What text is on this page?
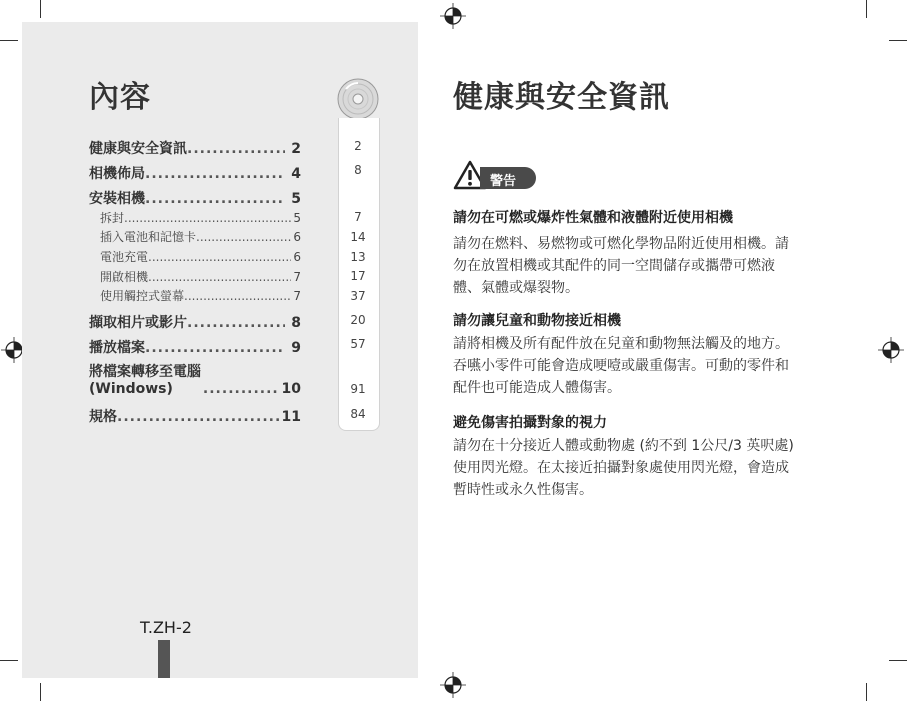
內容
健康與安全資訊 .....	2
相機佈局 .....	4
安裝相機 .....	5
拆封 .....	5
插入電池和記憶卡 .....	6
電池充電 .....	6
開啟相機 .....	7
使用觸控式螢幕 .....	7
擷取相片或影片 .....	8
播放檔案 .....	9
將檔案轉移至電腦
(Windows) .....	10
規格 .....	11
2
8
7
14
13
17
37
20
57
91
84
T.ZH-2
健康與安全資訊
警告
請勿在可燃或爆炸性氣體和液體附近使用相機
請勿在燃料、易燃物或可燃化學物品附近使用相機。請
勿在放置相機或其配件的同一空間儲存或攜帶可燃液
體、氣體或爆裂物。
請勿讓兒童和動物接近相機
請將相機及所有配件放在兒童和動物無法觸及的地方。
吞嚥小零件可能會造成哽噎或嚴重傷害。可動的零件和
配件也可能造成人體傷害。
避免傷害拍攝對象的視力
請勿在十分接近人體或動物處 (約不到 1公尺/3 英呎處)
使用閃光燈。在太接近拍攝對象處使用閃光燈，會造成
暫時性或永久性傷害。
